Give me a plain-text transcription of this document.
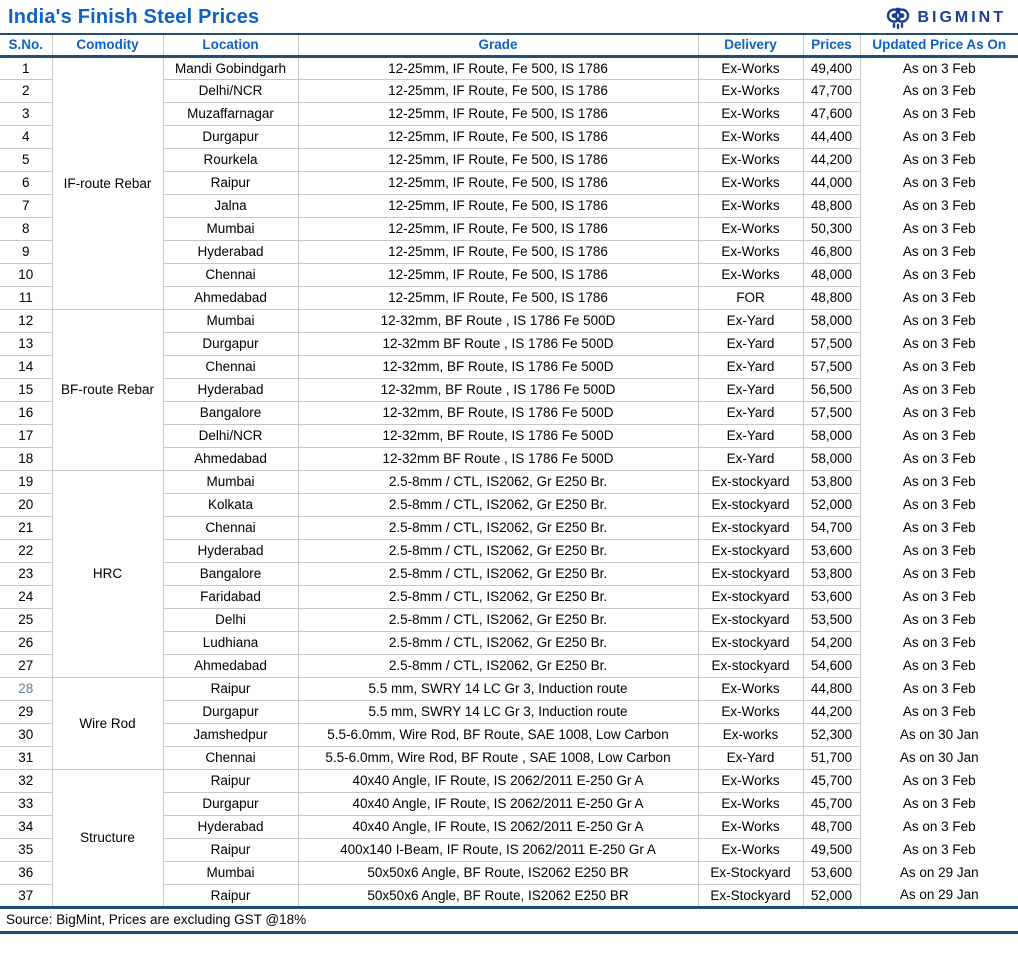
India's Finish Steel Prices	BIGMINT
S.No.	Comodity	Location	Grade	Delivery	Prices	Updated Price As On
1	IF-route Rebar	Mandi Gobindgarh	12-25mm, IF Route, Fe 500, IS 1786	Ex-Works	49,400	As on 3 Feb
2		Delhi/NCR	12-25mm, IF Route, Fe 500, IS 1786	Ex-Works	47,700	As on 3 Feb
3		Muzaffarnagar	12-25mm, IF Route, Fe 500, IS 1786	Ex-Works	47,600	As on 3 Feb
4		Durgapur	12-25mm, IF Route, Fe 500, IS 1786	Ex-Works	44,400	As on 3 Feb
5		Rourkela	12-25mm, IF Route, Fe 500, IS 1786	Ex-Works	44,200	As on 3 Feb
6		Raipur	12-25mm, IF Route, Fe 500, IS 1786	Ex-Works	44,000	As on 3 Feb
7		Jalna	12-25mm, IF Route, Fe 500, IS 1786	Ex-Works	48,800	As on 3 Feb
8		Mumbai	12-25mm, IF Route, Fe 500, IS 1786	Ex-Works	50,300	As on 3 Feb
9		Hyderabad	12-25mm, IF Route, Fe 500, IS 1786	Ex-Works	46,800	As on 3 Feb
10		Chennai	12-25mm, IF Route, Fe 500, IS 1786	Ex-Works	48,000	As on 3 Feb
11		Ahmedabad	12-25mm, IF Route, Fe 500, IS 1786	FOR	48,800	As on 3 Feb
12	BF-route Rebar	Mumbai	12-32mm, BF Route , IS 1786 Fe 500D	Ex-Yard	58,000	As on 3 Feb
13		Durgapur	12-32mm BF Route , IS 1786 Fe 500D	Ex-Yard	57,500	As on 3 Feb
14		Chennai	12-32mm, BF Route, IS 1786 Fe 500D	Ex-Yard	57,500	As on 3 Feb
15		Hyderabad	12-32mm, BF Route , IS 1786 Fe 500D	Ex-Yard	56,500	As on 3 Feb
16		Bangalore	12-32mm, BF Route, IS 1786 Fe 500D	Ex-Yard	57,500	As on 3 Feb
17		Delhi/NCR	12-32mm, BF Route, IS 1786 Fe 500D	Ex-Yard	58,000	As on 3 Feb
18		Ahmedabad	12-32mm BF Route , IS 1786 Fe 500D	Ex-Yard	58,000	As on 3 Feb
19	HRC	Mumbai	2.5-8mm / CTL, IS2062, Gr E250 Br.	Ex-stockyard	53,800	As on 3 Feb
20		Kolkata	2.5-8mm / CTL, IS2062, Gr E250 Br.	Ex-stockyard	52,000	As on 3 Feb
21		Chennai	2.5-8mm / CTL, IS2062, Gr E250 Br.	Ex-stockyard	54,700	As on 3 Feb
22		Hyderabad	2.5-8mm / CTL, IS2062, Gr E250 Br.	Ex-stockyard	53,600	As on 3 Feb
23		Bangalore	2.5-8mm / CTL, IS2062, Gr E250 Br.	Ex-stockyard	53,800	As on 3 Feb
24		Faridabad	2.5-8mm / CTL, IS2062, Gr E250 Br.	Ex-stockyard	53,600	As on 3 Feb
25		Delhi	2.5-8mm / CTL, IS2062, Gr E250 Br.	Ex-stockyard	53,500	As on 3 Feb
26		Ludhiana	2.5-8mm / CTL, IS2062, Gr E250 Br.	Ex-stockyard	54,200	As on 3 Feb
27		Ahmedabad	2.5-8mm / CTL, IS2062, Gr E250 Br.	Ex-stockyard	54,600	As on 3 Feb
28	Wire Rod	Raipur	5.5 mm, SWRY 14 LC Gr 3, Induction route	Ex-Works	44,800	As on 3 Feb
29		Durgapur	5.5 mm, SWRY 14 LC Gr 3, Induction route	Ex-Works	44,200	As on 3 Feb
30		Jamshedpur	5.5-6.0mm, Wire Rod, BF Route, SAE 1008, Low Carbon	Ex-works	52,300	As on 30 Jan
31		Chennai	5.5-6.0mm, Wire Rod, BF Route , SAE 1008, Low Carbon	Ex-Yard	51,700	As on 30 Jan
32	Structure	Raipur	40x40 Angle, IF Route, IS 2062/2011 E-250 Gr A	Ex-Works	45,700	As on 3 Feb
33		Durgapur	40x40 Angle, IF Route, IS 2062/2011 E-250 Gr A	Ex-Works	45,700	As on 3 Feb
34		Hyderabad	40x40 Angle, IF Route, IS 2062/2011 E-250 Gr A	Ex-Works	48,700	As on 3 Feb
35		Raipur	400x140 I-Beam, IF Route, IS 2062/2011 E-250 Gr A	Ex-Works	49,500	As on 3 Feb
36		Mumbai	50x50x6 Angle, BF Route, IS2062 E250 BR	Ex-Stockyard	53,600	As on 29 Jan
37		Raipur	50x50x6 Angle, BF Route, IS2062 E250 BR	Ex-Stockyard	52,000	As on 29 Jan
Source: BigMint, Prices are excluding GST @18%
